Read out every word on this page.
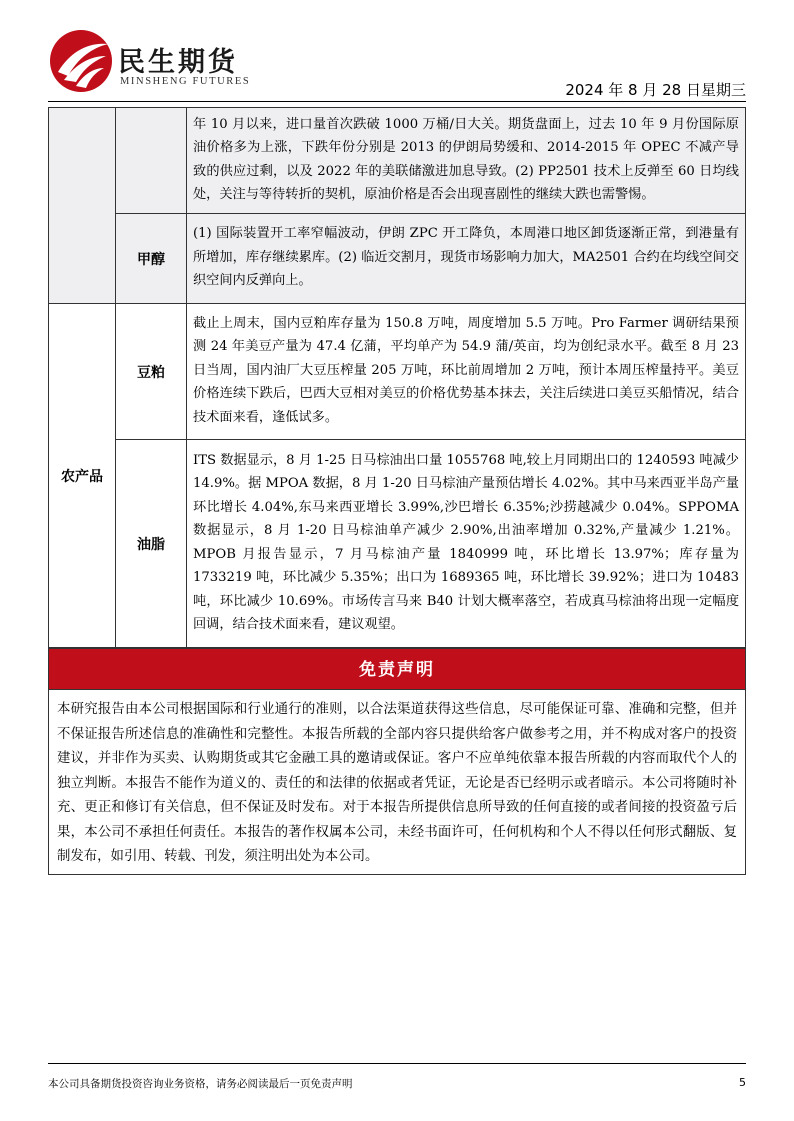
民生期货
MINSHENG FUTURES	2024 年 8 月 28 日星期三
		年 10 月以来，进口量首次跌破 1000 万桶/日大关。期货盘面上，过去 10 年 9 月份国际原油价格多为上涨，下跌年份分别是 2013 的伊朗局势缓和、2014-2015 年 OPEC 不减产导致的供应过剩，以及 2022 年的美联储激进加息导致。(2) PP2501 技术上反弹至 60 日均线处，关注与等待转折的契机，原油价格是否会出现喜剧性的继续大跌也需警惕。
	甲醇	(1) 国际装置开工率窄幅波动，伊朗 ZPC 开工降负，本周港口地区卸货逐渐正常，到港量有所增加，库存继续累库。(2) 临近交割月，现货市场影响力加大，MA2501 合约在均线空间交织空间内反弹向上。
农产品	豆粕	截止上周末，国内豆粕库存量为 150.8 万吨，周度增加 5.5 万吨。Pro Farmer 调研结果预测 24 年美豆产量为 47.4 亿蒲，平均单产为 54.9 蒲/英亩，均为创纪录水平。截至 8 月 23 日当周，国内油厂大豆压榨量 205 万吨，环比前周增加 2 万吨，预计本周压榨量持平。美豆价格连续下跌后，巴西大豆相对美豆的价格优势基本抹去，关注后续进口美豆买船情况，结合技术面来看，逢低试多。
	油脂	ITS 数据显示，8 月 1-25 日马棕油出口量 1055768 吨,较上月同期出口的 1240593 吨减少 14.9%。据 MPOA 数据，8 月 1-20 日马棕油产量预估增长 4.02%。其中马来西亚半岛产量环比增长 4.04%,东马来西亚增长 3.99%,沙巴增长 6.35%;沙捞越减少 0.04%。SPPOMA 数据显示，8 月 1-20 日马棕油单产减少 2.90%,出油率增加 0.32%,产量减少 1.21%。MPOB 月报告显示，7 月马棕油产量 1840999 吨，环比增长 13.97%；库存量为 1733219 吨，环比减少 5.35%；出口为 1689365 吨，环比增长 39.92%；进口为 10483 吨，环比减少 10.69%。市场传言马来 B40 计划大概率落空，若成真马棕油将出现一定幅度回调，结合技术面来看，建议观望。
免责声明
本研究报告由本公司根据国际和行业通行的准则，以合法渠道获得这些信息，尽可能保证可靠、准确和完整，但并不保证报告所述信息的准确性和完整性。本报告所载的全部内容只提供给客户做参考之用，并不构成对客户的投资建议，并非作为买卖、认购期货或其它金融工具的邀请或保证。客户不应单纯依靠本报告所载的内容而取代个人的独立判断。本报告不能作为道义的、责任的和法律的依据或者凭证，无论是否已经明示或者暗示。本公司将随时补充、更正和修订有关信息，但不保证及时发布。对于本报告所提供信息所导致的任何直接的或者间接的投资盈亏后果，本公司不承担任何责任。本报告的著作权属本公司，未经书面许可，任何机构和个人不得以任何形式翻版、复制发布，如引用、转载、刊发，须注明出处为本公司。
本公司具备期货投资咨询业务资格，请务必阅读最后一页免责声明	5
